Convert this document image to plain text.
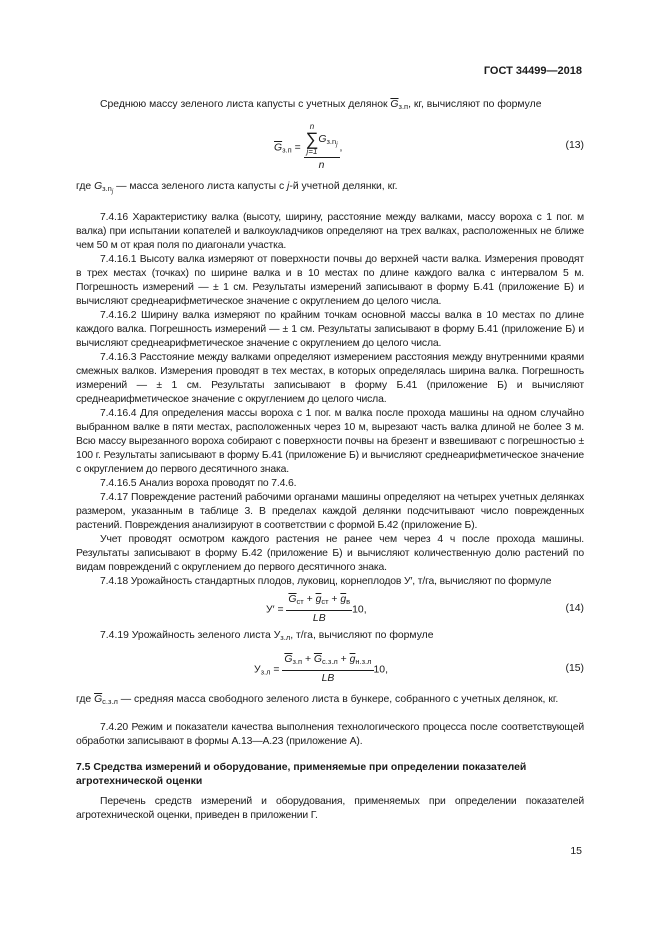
ГОСТ 34499—2018

Среднюю массу зеленого листа капусты с учетных делянок $\overline{G}_{з.п}$, кг, вычисляют по формуле

$\overline{G}_{з.п} = n$
∑
j=1
$G_{з.nj}$
n ,	(13)

где $G_{з.nj}$ — масса зеленого листа капусты с j-й учетной делянки, кг.

7.4.16 Характеристику валка (высоту, ширину, расстояние между валками, массу вороха с 1 пог. м валка) при испытании копателей и валкоукладчиков определяют на трех валках, расположенных не ближе чем 50 м от края поля по диагонали участка.

7.4.16.1 Высоту валка измеряют от поверхности почвы до верхней части валка. Измерения проводят в трех местах (точках) по ширине валка и в 10 местах по длине каждого валка с интервалом 5 м. Погрешность измерений — ± 1 см. Результаты измерений записывают в форму Б.41 (приложение Б) и вычисляют среднеарифметическое значение с округлением до целого числа.

7.4.16.2 Ширину валка измеряют по крайним точкам основной массы валка в 10 местах по длине каждого валка. Погрешность измерений — ± 1 см. Результаты записывают в форму Б.41 (приложение Б) и вычисляют среднеарифметическое значение с округлением до целого числа.

7.4.16.3 Расстояние между валками определяют измерением расстояния между внутренними краями смежных валков. Измерения проводят в тех местах, в которых определялась ширина валка. Погрешность измерений — ± 1 см. Результаты записывают в форму Б.41 (приложение Б) и вычисляют среднеарифметическое значение с округлением до целого числа.

7.4.16.4 Для определения массы вороха с 1 пог. м валка после прохода машины на одном случайно выбранном валке в пяти местах, расположенных через 10 м, вырезают часть валка длиной не более 3 м. Всю массу вырезанного вороха собирают с поверхности почвы на брезент и взвешивают с погрешностью ± 100 г. Результаты записывают в форму Б.41 (приложение Б) и вычисляют среднеарифметическое значение с округлением до первого десятичного знака.

7.4.16.5 Анализ вороха проводят по 7.4.6.

7.4.17 Повреждение растений рабочими органами машины определяют на четырех учетных делянках размером, указанным в таблице 3. В пределах каждой делянки подсчитывают число поврежденных растений. Повреждения анализируют в соответствии с формой Б.42 (приложение Б).

Учет проводят осмотром каждого растения не ранее чем через 4 ч после прохода машины. Результаты записывают в форму Б.42 (приложение Б) и вычисляют количественную долю растений по видам повреждений с округлением до первого десятичного знака.

7.4.18 Урожайность стандартных плодов, луковиц, корнеплодов У′, т/га, вычисляют по формуле

$У' = \frac{\overline{G}_{ст} + \overline{g}_{ст} + \overline{g}_в}{LB} 10$,	(14)

7.4.19 Урожайность зеленого листа $У_{з.л}$, т/га, вычисляют по формуле

$У_{з.л} = \frac{\overline{G}_{з.п} + \overline{G}_{с.з.л} + \overline{g}_{н.з.л}}{LB} 10$,	(15)

где $\overline{G}_{с.з.л}$ — средняя масса свободного зеленого листа в бункере, собранного с учетных делянок, кг.

7.4.20 Режим и показатели качества выполнения технологического процесса после соответствующей обработки записывают в формы А.13—А.23 (приложение А).

7.5 Средства измерений и оборудование, применяемые при определении показателей агротехнической оценки

Перечень средств измерений и оборудования, применяемых при определении показателей агротехнической оценки, приведен в приложении Г.

15
